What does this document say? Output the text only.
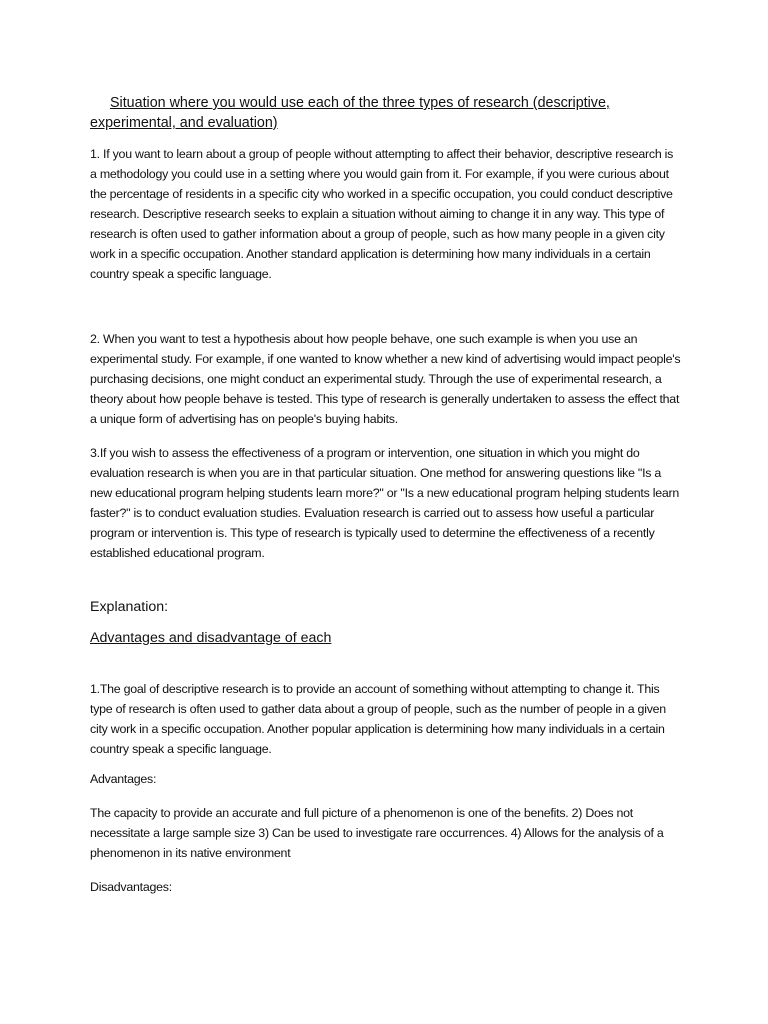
Situation where you would use each of the three types of research (descriptive, experimental, and evaluation)

1. If you want to learn about a group of people without attempting to affect their behavior, descriptive research is a methodology you could use in a setting where you would gain from it. For example, if you were curious about the percentage of residents in a specific city who worked in a specific occupation, you could conduct descriptive research. Descriptive research seeks to explain a situation without aiming to change it in any way. This type of research is often used to gather information about a group of people, such as how many people in a given city work in a specific occupation. Another standard application is determining how many individuals in a certain country speak a specific language.

2. When you want to test a hypothesis about how people behave, one such example is when you use an experimental study. For example, if one wanted to know whether a new kind of advertising would impact people's purchasing decisions, one might conduct an experimental study. Through the use of experimental research, a theory about how people behave is tested. This type of research is generally undertaken to assess the effect that a unique form of advertising has on people's buying habits.

3.If you wish to assess the effectiveness of a program or intervention, one situation in which you might do evaluation research is when you are in that particular situation. One method for answering questions like "Is a new educational program helping students learn more?" or "Is a new educational program helping students learn faster?" is to conduct evaluation studies. Evaluation research is carried out to assess how useful a particular program or intervention is. This type of research is typically used to determine the effectiveness of a recently established educational program.

Explanation:
Advantages and disadvantage of each

1.The goal of descriptive research is to provide an account of something without attempting to change it. This type of research is often used to gather data about a group of people, such as the number of people in a given city work in a specific occupation. Another popular application is determining how many individuals in a certain country speak a specific language.

Advantages:

The capacity to provide an accurate and full picture of a phenomenon is one of the benefits. 2) Does not necessitate a large sample size 3) Can be used to investigate rare occurrences. 4) Allows for the analysis of a phenomenon in its native environment

Disadvantages:
